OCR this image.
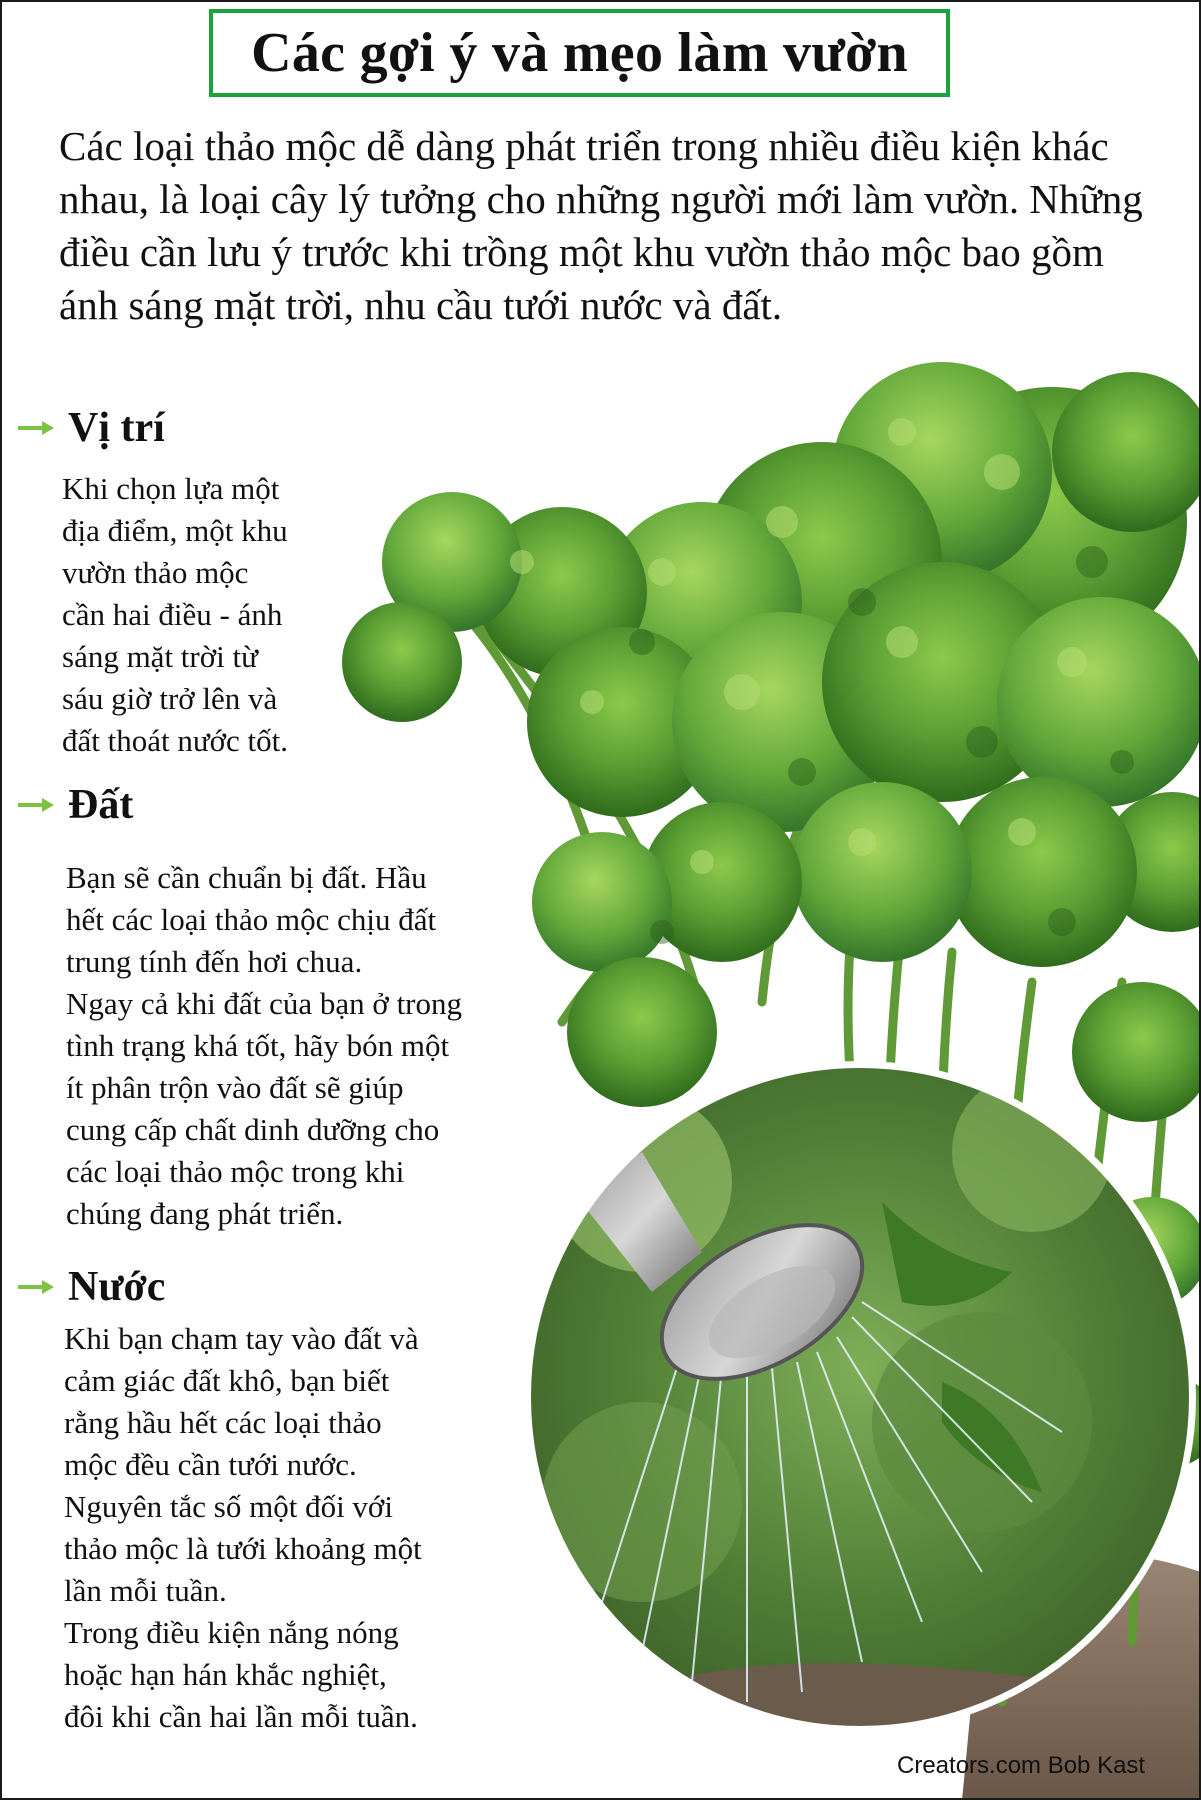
Các gợi ý và mẹo làm vườn
Các loại thảo mộc dễ dàng phát triển trong nhiều điều kiện khác nhau, là loại cây lý tưởng cho những người mới làm vườn. Những điều cần lưu ý trước khi trồng một khu vườn thảo mộc bao gồm ánh sáng mặt trời, nhu cầu tưới nước và đất.
Vị trí
Khi chọn lựa một
địa điểm, một khu
vườn thảo mộc
cần hai điều - ánh
sáng mặt trời từ
sáu giờ trở lên và
đất thoát nước tốt.
Đất
Bạn sẽ cần chuẩn bị đất. Hầu
hết các loại thảo mộc chịu đất
trung tính đến hơi chua.
Ngay cả khi đất của bạn ở trong
tình trạng khá tốt, hãy bón một
ít phân trộn vào đất sẽ giúp
cung cấp chất dinh dưỡng cho
các loại thảo mộc trong khi
chúng đang phát triển.
Nước
Khi bạn chạm tay vào đất và
cảm giác đất khô, bạn biết
rằng hầu hết các loại thảo
mộc đều cần tưới nước.
Nguyên tắc số một đối với
thảo mộc là tưới khoảng một
lần mỗi tuần.
Trong điều kiện nắng nóng
hoặc hạn hán khắc nghiệt,
đôi khi cần hai lần mỗi tuần.
Creators.com Bob Kast
